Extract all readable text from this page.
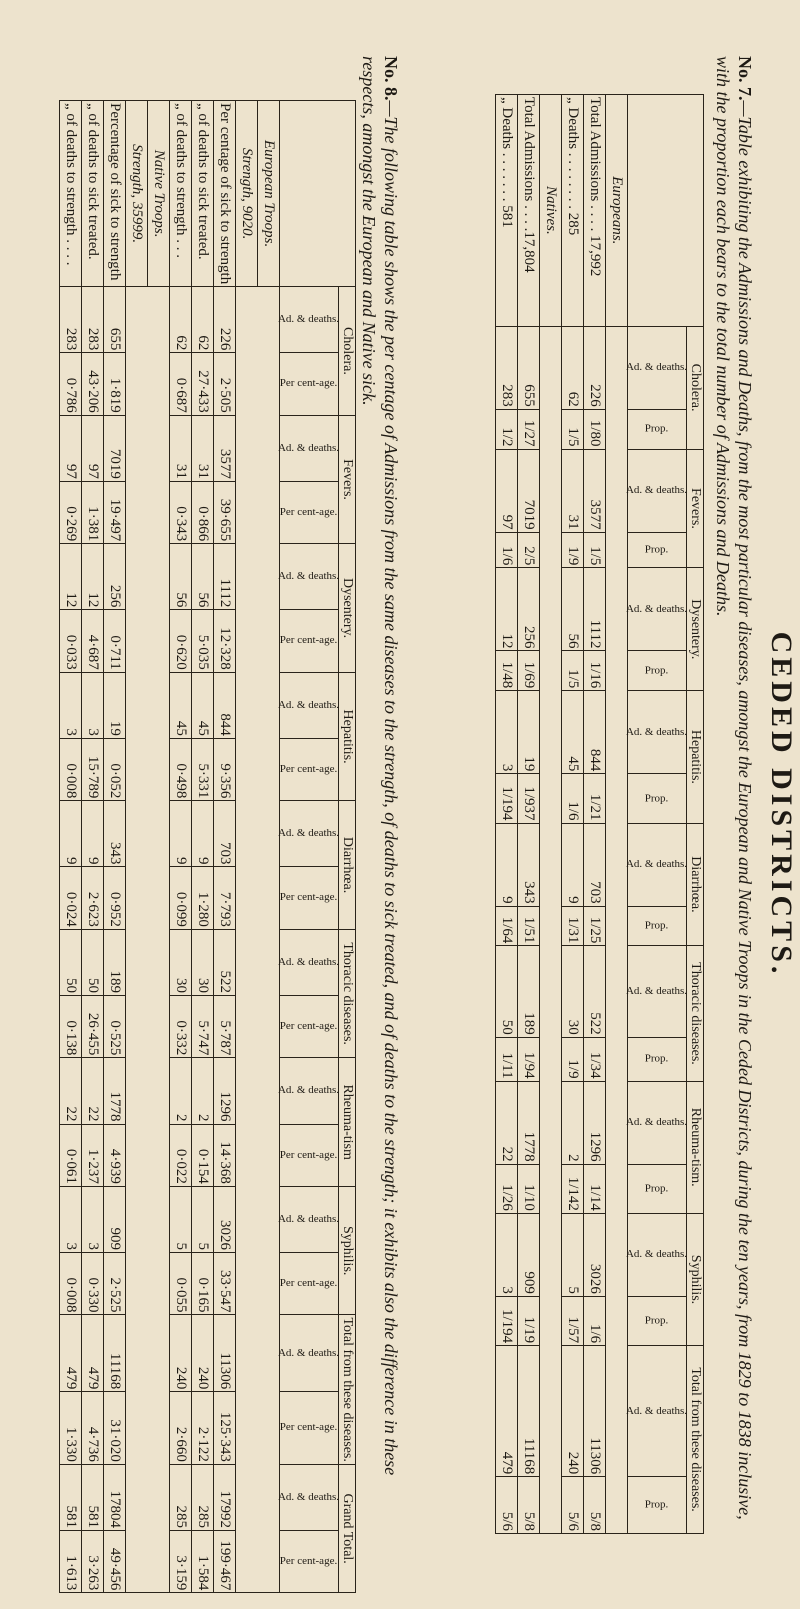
CEDED DISTRICTS.
No. 7.—Table exhibiting the Admissions and Deaths, from the most particular diseases, amongst the European and Native Troops in the Ceded Districts, during the ten years, from 1829 to 1838 inclusive, with the proportion each bears to the total number of Admissions and Deaths.
	Cholera.		Fevers.		Dysentery.		Hepatitis.		Diarrhœa.		Thoracic diseases.		Rheuma-tism.		Syphilis.		Total from these diseases.	
	Ad. & deaths.	Prop.	Ad. & deaths.	Prop.	Ad. & deaths.	Prop.	Ad. & deaths.	Prop.	Ad. & deaths.	Prop.	Ad. & deaths.	Prop.	Ad. & deaths.	Prop.	Ad. & deaths.	Prop.	Ad. & deaths.	Prop.
Europeans.																		
Total Admissions . . . . 17,992	226	1/80	3577	1/5	1112	1/16	844	1/21	703	1/25	522	1/34	1296	1/14	3026	1/6	11306	5/8
„ Deaths . . . . . . . . 285	62	1/5	31	1/9	56	1/5	45	1/6	9	1/31	30	1/9	2	1/142	5	1/57	240	5/6
Natives.																		
Total Admissions . . . .17,804	655	1/27	7019	2/5	256	1/69	19	1/937	343	1/51	189	1/94	1778	1/10	909	1/19	11168	5/8
„ Deaths . . . . . . . 581	283	1/2	97	1/6	12	1/48	3	1/194	9	1/64	50	1/11	22	1/26	3	1/194	479	5/6
No. 8.—The following table shows the per centage of Admissions from the same diseases to the strength, of deaths to sick treated, and of deaths to the strength; it exhibits also the difference in these respects, amongst the European and Native sick.
	Cholera.		Fevers.		Dysentery.		Hepatitis.		Diarrhœa.		Thoracic diseases.		Rheuma-tism		Syphilis.		Total from these diseases.		Grand Total.	
	Ad. & deaths.	Per cent-age.	Ad. & deaths.	Per cent-age.	Ad. & deaths.	Per cent-age.	Ad. & deaths.	Per cent-age.	Ad. & deaths.	Per cent-age.	Ad. & deaths.	Per cent-age.	Ad. & deaths.	Per cent-age.	Ad. & deaths.	Per cent-age.	Ad. & deaths.	Per cent-age.	Ad. & deaths.	Per cent-age.
European Troops.																				
Strength, 9020.																				
Per centage of sick to strength	226	2·505	3577	39·655	1112	12·328	844	9·356	703	7·793	522	5·787	1296	14·368	3026	33·547	11306	125·343	17992	199·467
„ of deaths to sick treated.	62	27·433	31	0·866	56	5·035	45	5·331	9	1·280	30	5·747	2	0·154	5	0·165	240	2·122	285	1·584
„ of deaths to strength . . .	62	0·687	31	0·343	56	0·620	45	0·498	9	0·099	30	0·332	2	0·022	5	0·055	240	2·660	285	3·159
Native Troops.																				
Strength, 35999.																				
Percentage of sick to strength	655	1·819	7019	19·497	256	0·711	19	0·052	343	0·952	189	0·525	1778	4·939	909	2·525	11168	31·020	17804	49·456
„ of deaths to sick treated.	283	43·206	97	1·381	12	4·687	3	15·789	9	2·623	50	26·455	22	1·237	3	0·330	479	4·736	581	3·263
„ of deaths to strength . . . .	283	0·786	97	0·269	12	0·033	3	0·008	9	0·024	50	0·138	22	0·061	3	0·008	479	1·330	581	1·613
